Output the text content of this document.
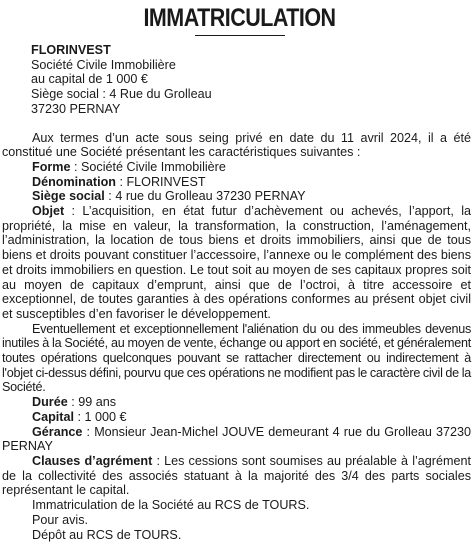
IMMATRICULATION
FLORINVEST
Société Civile Immobilière
au capital de 1 000 €
Siège social : 4 Rue du Grolleau
37230 PERNAY

Aux termes d’un acte sous seing privé en date du 11 avril 2024, il a été constitué une Société présentant les caractéristiques suivantes :

Forme : Société Civile Immobilière
Dénomination : FLORINVEST
Siège social : 4 rue du Grolleau 37230 PERNAY
Objet : L’acquisition, en état futur d’achèvement ou achevés, l’apport, la propriété, la mise en valeur, la transformation, la construction, l’aménagement, l’administration, la location de tous biens et droits immobiliers, ainsi que de tous biens et droits pouvant constituer l’accessoire, l’annexe ou le complément des biens et droits immobiliers en question. Le tout soit au moyen de ses capitaux propres soit au moyen de capitaux d’emprunt, ainsi que de l’octroi, à titre accessoire et exceptionnel, de toutes garanties à des opérations conformes au présent objet civil et susceptibles d’en favoriser le développement.

Eventuellement et exceptionnellement l'aliénation du ou des immeubles devenus inutiles à la Société, au moyen de vente, échange ou apport en société, et généralement toutes opérations quelconques pouvant se rattacher directement ou indirectement à l'objet ci-dessus défini, pourvu que ces opérations ne modifient pas le caractère civil de la Société.

Durée : 99 ans
Capital : 1 000 €
Gérance : Monsieur Jean-Michel JOUVE demeurant 4 rue du Grolleau 37230 PERNAY
Clauses d’agrément : Les cessions sont soumises au préalable à l’agrément de la collectivité des associés statuant à la majorité des 3/4 des parts sociales représentant le capital.
Immatriculation de la Société au RCS de TOURS.
Pour avis.
Dépôt au RCS de TOURS.
